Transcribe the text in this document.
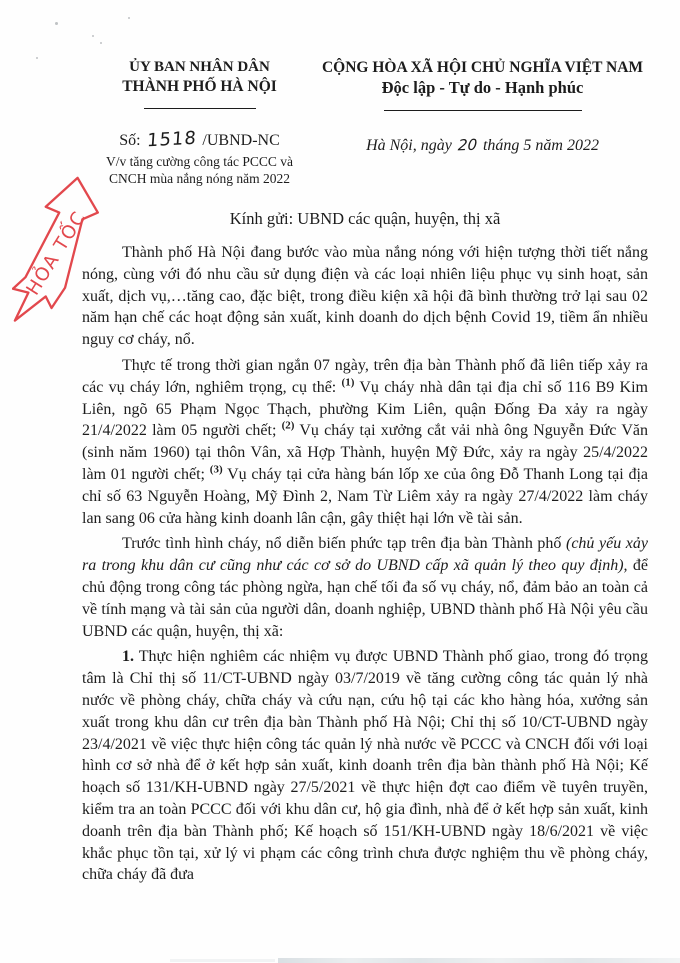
ỦY BAN NHÂN DÂN
THÀNH PHỐ HÀ NỘI
Số: 1518 /UBND-NC
V/v tăng cường công tác PCCC và
CNCH mùa nắng nóng năm 2022
CỘNG HÒA XÃ HỘI CHỦ NGHĨA VIỆT NAM
Độc lập - Tự do - Hạnh phúc
Hà Nội, ngày 20 tháng 5 năm 2022
Kính gửi: UBND các quận, huyện, thị xã

Thành phố Hà Nội đang bước vào mùa nắng nóng với hiện tượng thời tiết nắng nóng, cùng với đó nhu cầu sử dụng điện và các loại nhiên liệu phục vụ sinh hoạt, sản xuất, dịch vụ,…tăng cao, đặc biệt, trong điều kiện xã hội đã bình thường trở lại sau 02 năm hạn chế các hoạt động sản xuất, kinh doanh do dịch bệnh Covid 19, tiềm ẩn nhiều nguy cơ cháy, nổ.

Thực tế trong thời gian ngắn 07 ngày, trên địa bàn Thành phố đã liên tiếp xảy ra các vụ cháy lớn, nghiêm trọng, cụ thể: $^{(1)}$ Vụ cháy nhà dân tại địa chỉ số 116 B9 Kim Liên, ngõ 65 Phạm Ngọc Thạch, phường Kim Liên, quận Đống Đa xảy ra ngày 21/4/2022 làm 05 người chết; $^{(2)}$ Vụ cháy tại xưởng cắt vải nhà ông Nguyễn Đức Văn (sinh năm 1960) tại thôn Vân, xã Hợp Thành, huyện Mỹ Đức, xảy ra ngày 25/4/2022 làm 01 người chết; $^{(3)}$ Vụ cháy tại cửa hàng bán lốp xe của ông Đỗ Thanh Long tại địa chỉ số 63 Nguyễn Hoàng, Mỹ Đình 2, Nam Từ Liêm xảy ra ngày 27/4/2022 làm cháy lan sang 06 cửa hàng kinh doanh lân cận, gây thiệt hại lớn về tài sản.

Trước tình hình cháy, nổ diễn biến phức tạp trên địa bàn Thành phố (chủ yếu xảy ra trong khu dân cư cũng như các cơ sở do UBND cấp xã quản lý theo quy định), để chủ động trong công tác phòng ngừa, hạn chế tối đa số vụ cháy, nổ, đảm bảo an toàn cả về tính mạng và tài sản của người dân, doanh nghiệp, UBND thành phố Hà Nội yêu cầu UBND các quận, huyện, thị xã:

1. Thực hiện nghiêm các nhiệm vụ được UBND Thành phố giao, trong đó trọng tâm là Chỉ thị số 11/CT-UBND ngày 03/7/2019 về tăng cường công tác quản lý nhà nước về phòng cháy, chữa cháy và cứu nạn, cứu hộ tại các kho hàng hóa, xưởng sản xuất trong khu dân cư trên địa bàn Thành phố Hà Nội; Chỉ thị số 10/CT-UBND ngày 23/4/2021 về việc thực hiện công tác quản lý nhà nước về PCCC và CNCH đối với loại hình cơ sở nhà để ở kết hợp sản xuất, kinh doanh trên địa bàn thành phố Hà Nội; Kế hoạch số 131/KH-UBND ngày 27/5/2021 về thực hiện đợt cao điểm về tuyên truyền, kiểm tra an toàn PCCC đối với khu dân cư, hộ gia đình, nhà để ở kết hợp sản xuất, kinh doanh trên địa bàn Thành phố; Kế hoạch số 151/KH-UBND ngày 18/6/2021 về việc khắc phục tồn tại, xử lý vi phạm các công trình chưa được nghiệm thu về phòng cháy, chữa cháy đã đưa

HỎA TỐC
